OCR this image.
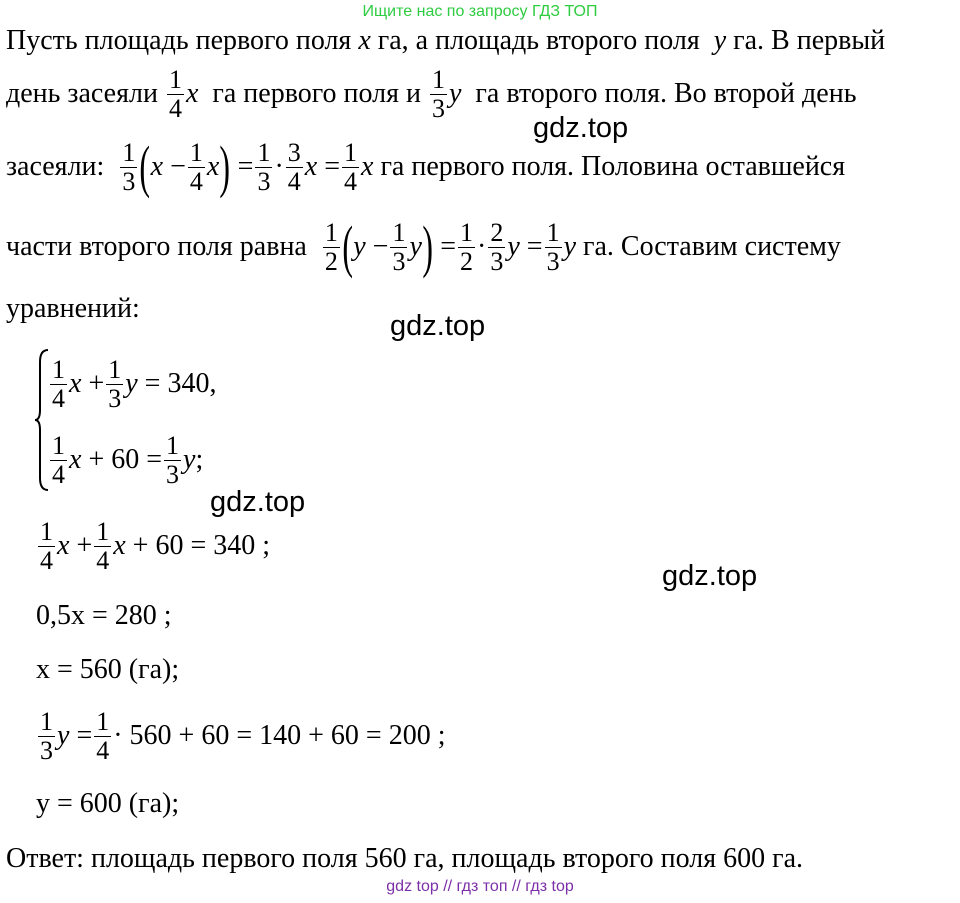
Ищите нас по запросу ГДЗ ТОП
Пусть площадь первого поля x га, а площадь второго поля y га. В первый
день засеяли
$\frac{1}{4}$ x
га первого поля и
$\frac{1}{3}$ y
га второго поля. Во второй день
gdz.top
засеяли:
$\frac{1}{3}$ ( $x - \frac{1}{4}$ x ) = $\frac{1}{3} \cdot \frac{3}{4}$ $x = \frac{1}{4}$ x
га первого поля. Половина оставшейся
части второго поля равна
$\frac{1}{2}$ ( $y - \frac{1}{3}$ y ) = $\frac{1}{2} \cdot \frac{2}{3}$ $y = \frac{1}{3}$ y
га. Составим систему
уравнений:
gdz.top
$\frac{1}{4}$ $x + \frac{1}{3}$ y
= 340,
$\frac{1}{4}$ x
+ $60 = \frac{1}{3}$ y ;
gdz.top
$\frac{1}{4}$ $x + \frac{1}{4}$ x
+ 60 = 340 ;
gdz.top
0,5x = 280 ;
x = 560 (га);
$\frac{1}{3}$ $y = \frac{1}{4} \cdot 560 + 60 = 140 + 60 = 200$ ;
y = 600 (га);
Ответ: площадь первого поля 560 га, площадь второго поля 600 га.
gdz top // гдз топ // гдз top
